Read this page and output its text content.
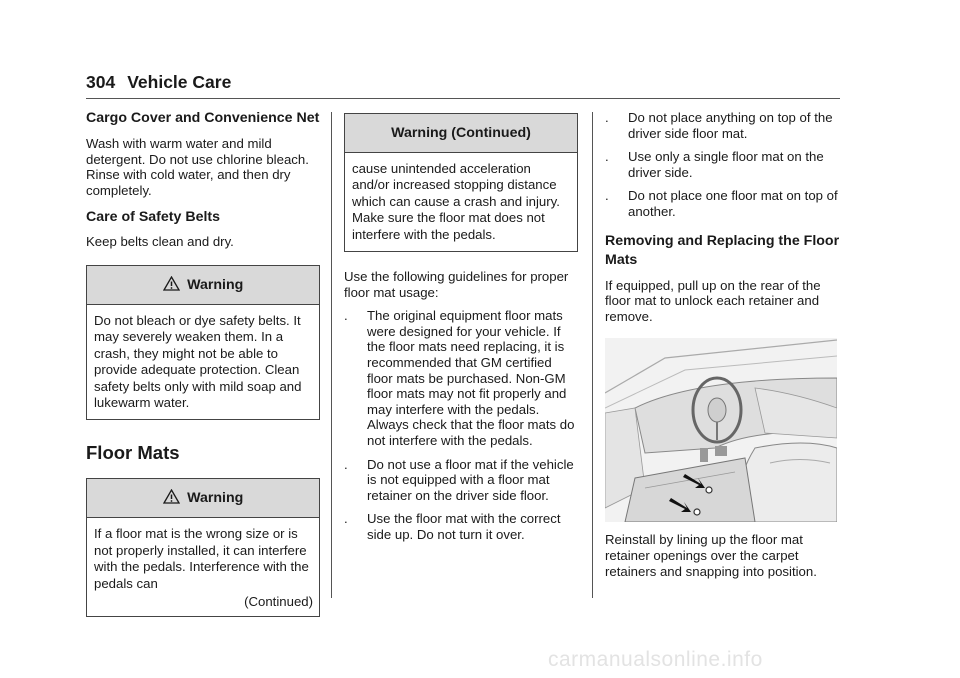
304 Vehicle Care
Cargo Cover and Convenience Net

Wash with warm water and mild detergent. Do not use chlorine bleach. Rinse with cold water, and then dry completely.

Care of Safety Belts

Keep belts clean and dry.

Warning
Do not bleach or dye safety belts. It may severely weaken them. In a crash, they might not be able to provide adequate protection. Clean safety belts only with mild soap and lukewarm water.
Floor Mats
Warning
If a floor mat is the wrong size or is not properly installed, it can interfere with the pedals. Interference with the pedals can
(Continued)
Warning (Continued)
cause unintended acceleration and/or increased stopping distance which can cause a crash and injury. Make sure the floor mat does not interfere with the pedals.

Use the following guidelines for proper floor mat usage:

. The original equipment floor mats were designed for your vehicle. If the floor mats need replacing, it is recommended that GM certified floor mats be purchased. Non-GM floor mats may not fit properly and may interfere with the pedals. Always check that the floor mats do not interfere with the pedals.
. Do not use a floor mat if the vehicle is not equipped with a floor mat retainer on the driver side floor.
. Use the floor mat with the correct side up. Do not turn it over.
. Do not place anything on top of the driver side floor mat.
. Use only a single floor mat on the driver side.
. Do not place one floor mat on top of another.
Removing and Replacing the Floor Mats

If equipped, pull up on the rear of the floor mat to unlock each retainer and remove.

Reinstall by lining up the floor mat retainer openings over the carpet retainers and snapping into position.

carmanualsonline.info
